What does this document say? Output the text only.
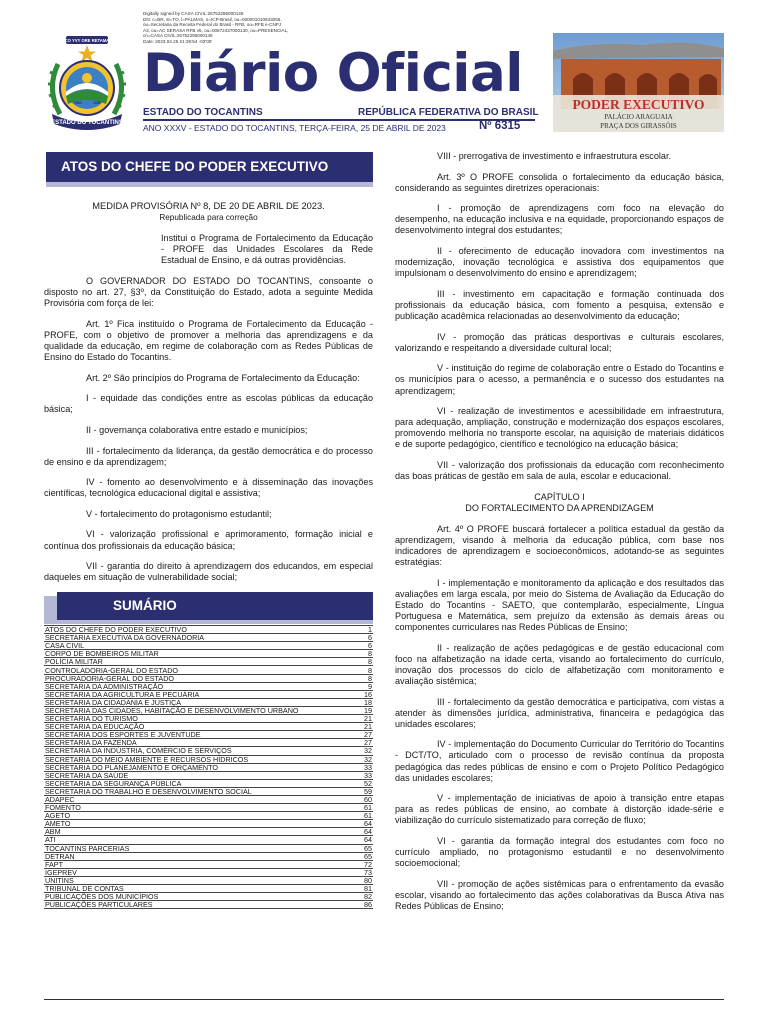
Digitally signed by CASA CIVIL:26752295000146
DN: c=BR, st=TO, l=PALMAS, o=ICP-Brasil, ou=000001010633056,
ou=Secretaria da Receita Federal do Brasil - RFB, ou=RFB e-CNPJ
A3, ou=AC SERASA RFB v5, ou=00872437000130, ou=PRESENCIAL,
cn=CASA CIVIL:26752295000146
Date: 2023.04.25 21:39:54 -03'00'
CO YVY ORE RETAMA
1989	1988
ESTADO DO TOCANTINS
Diário Oficial
ESTADO DO TOCANTINS	REPÚBLICA FEDERATIVA DO BRASIL
ANO XXXV - ESTADO DO TOCANTINS, TERÇA-FEIRA, 25 DE ABRIL DE 2023	Nº 6315
PODER EXECUTIVO
PALÁCIO ARAGUAIA
PRAÇA DOS GIRASSÓIS
ATOS DO CHEFE DO PODER EXECUTIVO

MEDIDA PROVISÓRIA Nº 8, DE 20 DE ABRIL DE 2023.

Republicada para correção

Institui o Programa de Fortalecimento da Educação - PROFE das Unidades Escolares da Rede Estadual de Ensino, e dá outras providências.

O GOVERNADOR DO ESTADO DO TOCANTINS, consoante o disposto no art. 27, §3º, da Constituição do Estado, adota a seguinte Medida Provisória com força de lei:

Art. 1º Fica instituído o Programa de Fortalecimento da Educação - PROFE, com o objetivo de promover a melhoria das aprendizagens e da qualidade da educação, em regime de colaboração com as Redes Públicas de Ensino do Estado do Tocantins.

Art. 2º São princípios do Programa de Fortalecimento da Educação:

I - equidade das condições entre as escolas públicas da educação básica;

II - governança colaborativa entre estado e municípios;

III - fortalecimento da liderança, da gestão democrática e do processo de ensino e da aprendizagem;

IV - fomento ao desenvolvimento e à disseminação das inovações científicas, tecnológica educacional digital e assistiva;

V - fortalecimento do protagonismo estudantil;

VI - valorização profissional e aprimoramento, formação inicial e contínua dos profissionais da educação básica;

VII - garantia do direito à aprendizagem dos educandos, em especial daqueles em situação de vulnerabilidade social;

SUMÁRIO
ATOS DO CHEFE DO PODER EXECUTIVO	1
SECRETARIA EXECUTIVA DA GOVERNADORIA	6
CASA CIVIL	6
CORPO DE BOMBEIROS MILITAR	8
POLÍCIA MILITAR	8
CONTROLADORIA-GERAL DO ESTADO	8
PROCURADORIA-GERAL DO ESTADO	8
SECRETARIA DA ADMINISTRAÇÃO	9
SECRETARIA DA AGRICULTURA E PECUÁRIA	16
SECRETARIA DA CIDADANIA E JUSTIÇA	18
SECRETARIA DAS CIDADES, HABITAÇÃO E DESENVOLVIMENTO URBANO	19
SECRETARIA DO TURISMO	21
SECRETARIA DA EDUCAÇÃO	21
SECRETARIA DOS ESPORTES E JUVENTUDE	27
SECRETARIA DA FAZENDA	27
SECRETARIA DA INDÚSTRIA, COMÉRCIO E SERVIÇOS	32
SECRETARIA DO MEIO AMBIENTE E RECURSOS HÍDRICOS	32
SECRETARIA DO PLANEJAMENTO E ORÇAMENTO	33
SECRETARIA DA SAÚDE	33
SECRETARIA DA SEGURANÇA PÚBLICA	52
SECRETARIA DO TRABALHO E DESENVOLVIMENTO SOCIAL	59
ADAPEC	60
FOMENTO	61
AGETO	61
AMETO	64
ABM	64
ATI	64
TOCANTINS PARCERIAS	65
DETRAN	65
FAPT	72
IGEPREV	73
UNITINS	80
TRIBUNAL DE CONTAS	81
PUBLICAÇÕES DOS MUNICÍPIOS	82
PUBLICAÇÕES PARTICULARES	86

VIII - prerrogativa de investimento e infraestrutura escolar.

Art. 3º O PROFE consolida o fortalecimento da educação básica, considerando as seguintes diretrizes operacionais:

I - promoção de aprendizagens com foco na elevação do desempenho, na educação inclusiva e na equidade, proporcionando espaços de desenvolvimento integral dos estudantes;

II - oferecimento de educação inovadora com investimentos na modernização, inovação tecnológica e assistiva dos equipamentos que impulsionam o desenvolvimento do ensino e aprendizagem;

III - investimento em capacitação e formação continuada dos profissionais da educação básica, com fomento a pesquisa, extensão e publicação acadêmica relacionadas ao desenvolvimento da educação;

IV - promoção das práticas desportivas e culturais escolares, valorizando e respeitando a diversidade cultural local;

V - instituição do regime de colaboração entre o Estado do Tocantins e os municípios para o acesso, a permanência e o sucesso dos estudantes na aprendizagem;

VI - realização de investimentos e acessibilidade em infraestrutura, para adequação, ampliação, construção e modernização dos espaços escolares, promovendo melhoria no transporte escolar, na aquisição de materiais didáticos e de suporte pedagógico, científico e tecnológico na educação básica;

VII - valorização dos profissionais da educação com reconhecimento das boas práticas de gestão em sala de aula, escolar e educacional.

CAPÍTULO I

DO FORTALECIMENTO DA APRENDIZAGEM

Art. 4º O PROFE buscará fortalecer a política estadual da gestão da aprendizagem, visando à melhoria da educação pública, com base nos indicadores de aprendizagem e socioeconômicos, adotando-se as seguintes estratégias:

I - implementação e monitoramento da aplicação e dos resultados das avaliações em larga escala, por meio do Sistema de Avaliação da Educação do Estado do Tocantins - SAETO, que contemplarão, especialmente, Língua Portuguesa e Matemática, sem prejuízo da extensão às demais áreas ou componentes curriculares nas Redes Públicas de Ensino;

II - realização de ações pedagógicas e de gestão educacional com foco na alfabetização na idade certa, visando ao fortalecimento do currículo, inovação dos processos do ciclo de alfabetização com monitoramento e avaliação sistêmica;

III - fortalecimento da gestão democrática e participativa, com vistas a atender às dimensões jurídica, administrativa, financeira e pedagógica das unidades escolares;

IV - implementação do Documento Curricular do Território do Tocantins - DCT/TO, articulado com o processo de revisão contínua da proposta pedagógica das redes públicas de ensino e com o Projeto Político Pedagógico das unidades escolares;

V - implementação de iniciativas de apoio à transição entre etapas para as redes públicas de ensino, ao combate à distorção idade-série e viabilização do currículo sistematizado para correção de fluxo;

VI - garantia da formação integral dos estudantes com foco no currículo ampliado, no protagonismo estudantil e no desenvolvimento socioemocional;

VII - promoção de ações sistêmicas para o enfrentamento da evasão escolar, visando ao fortalecimento das ações colaborativas da Busca Ativa nas Redes Públicas de Ensino;
